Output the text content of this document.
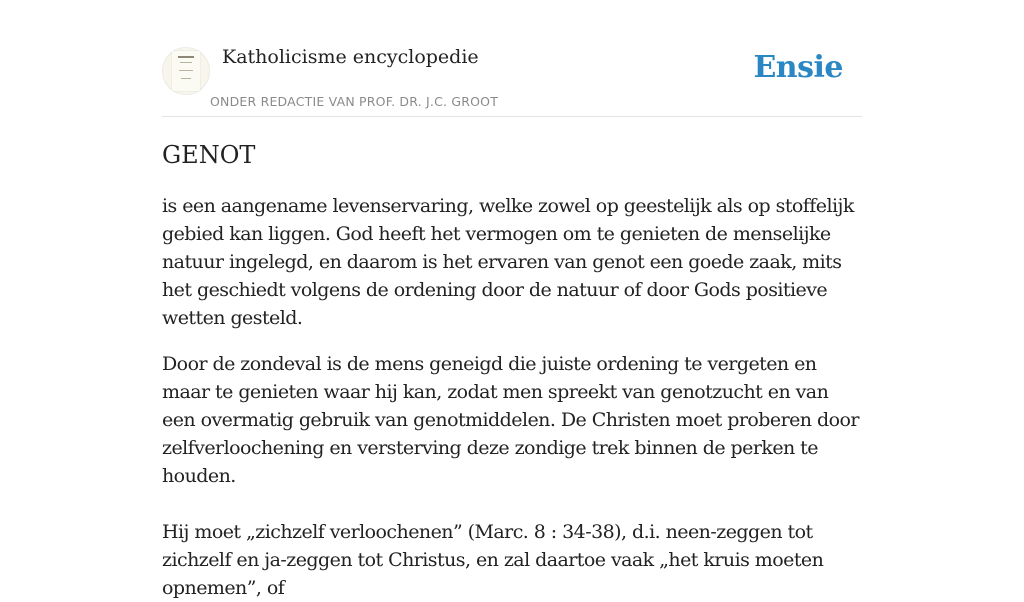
Katholicisme encyclopedie
ONDER REDACTIE VAN PROF. DR. J.C. GROOT
Ensie
GENOT

is een aangename levenservaring, welke zowel op geestelijk als op stoffelijk gebied kan liggen. God heeft het vermogen om te genieten de menselijke natuur ingelegd, en daarom is het ervaren van genot een goede zaak, mits het geschiedt volgens de ordening door de natuur of door Gods positieve wetten gesteld.

Door de zondeval is de mens geneigd die juiste ordening te vergeten en maar te genieten waar hij kan, zodat men spreekt van genotzucht en van een overmatig gebruik van genotmiddelen. De Christen moet proberen door zelfverloochening en versterving deze zondige trek binnen de perken te houden.

Hij moet „zichzelf verloochenen” (Marc. 8 : 34-38), d.i. neen-zeggen tot zichzelf en ja-zeggen tot Christus, en zal daartoe vaak „het kruis moeten opnemen”, of
